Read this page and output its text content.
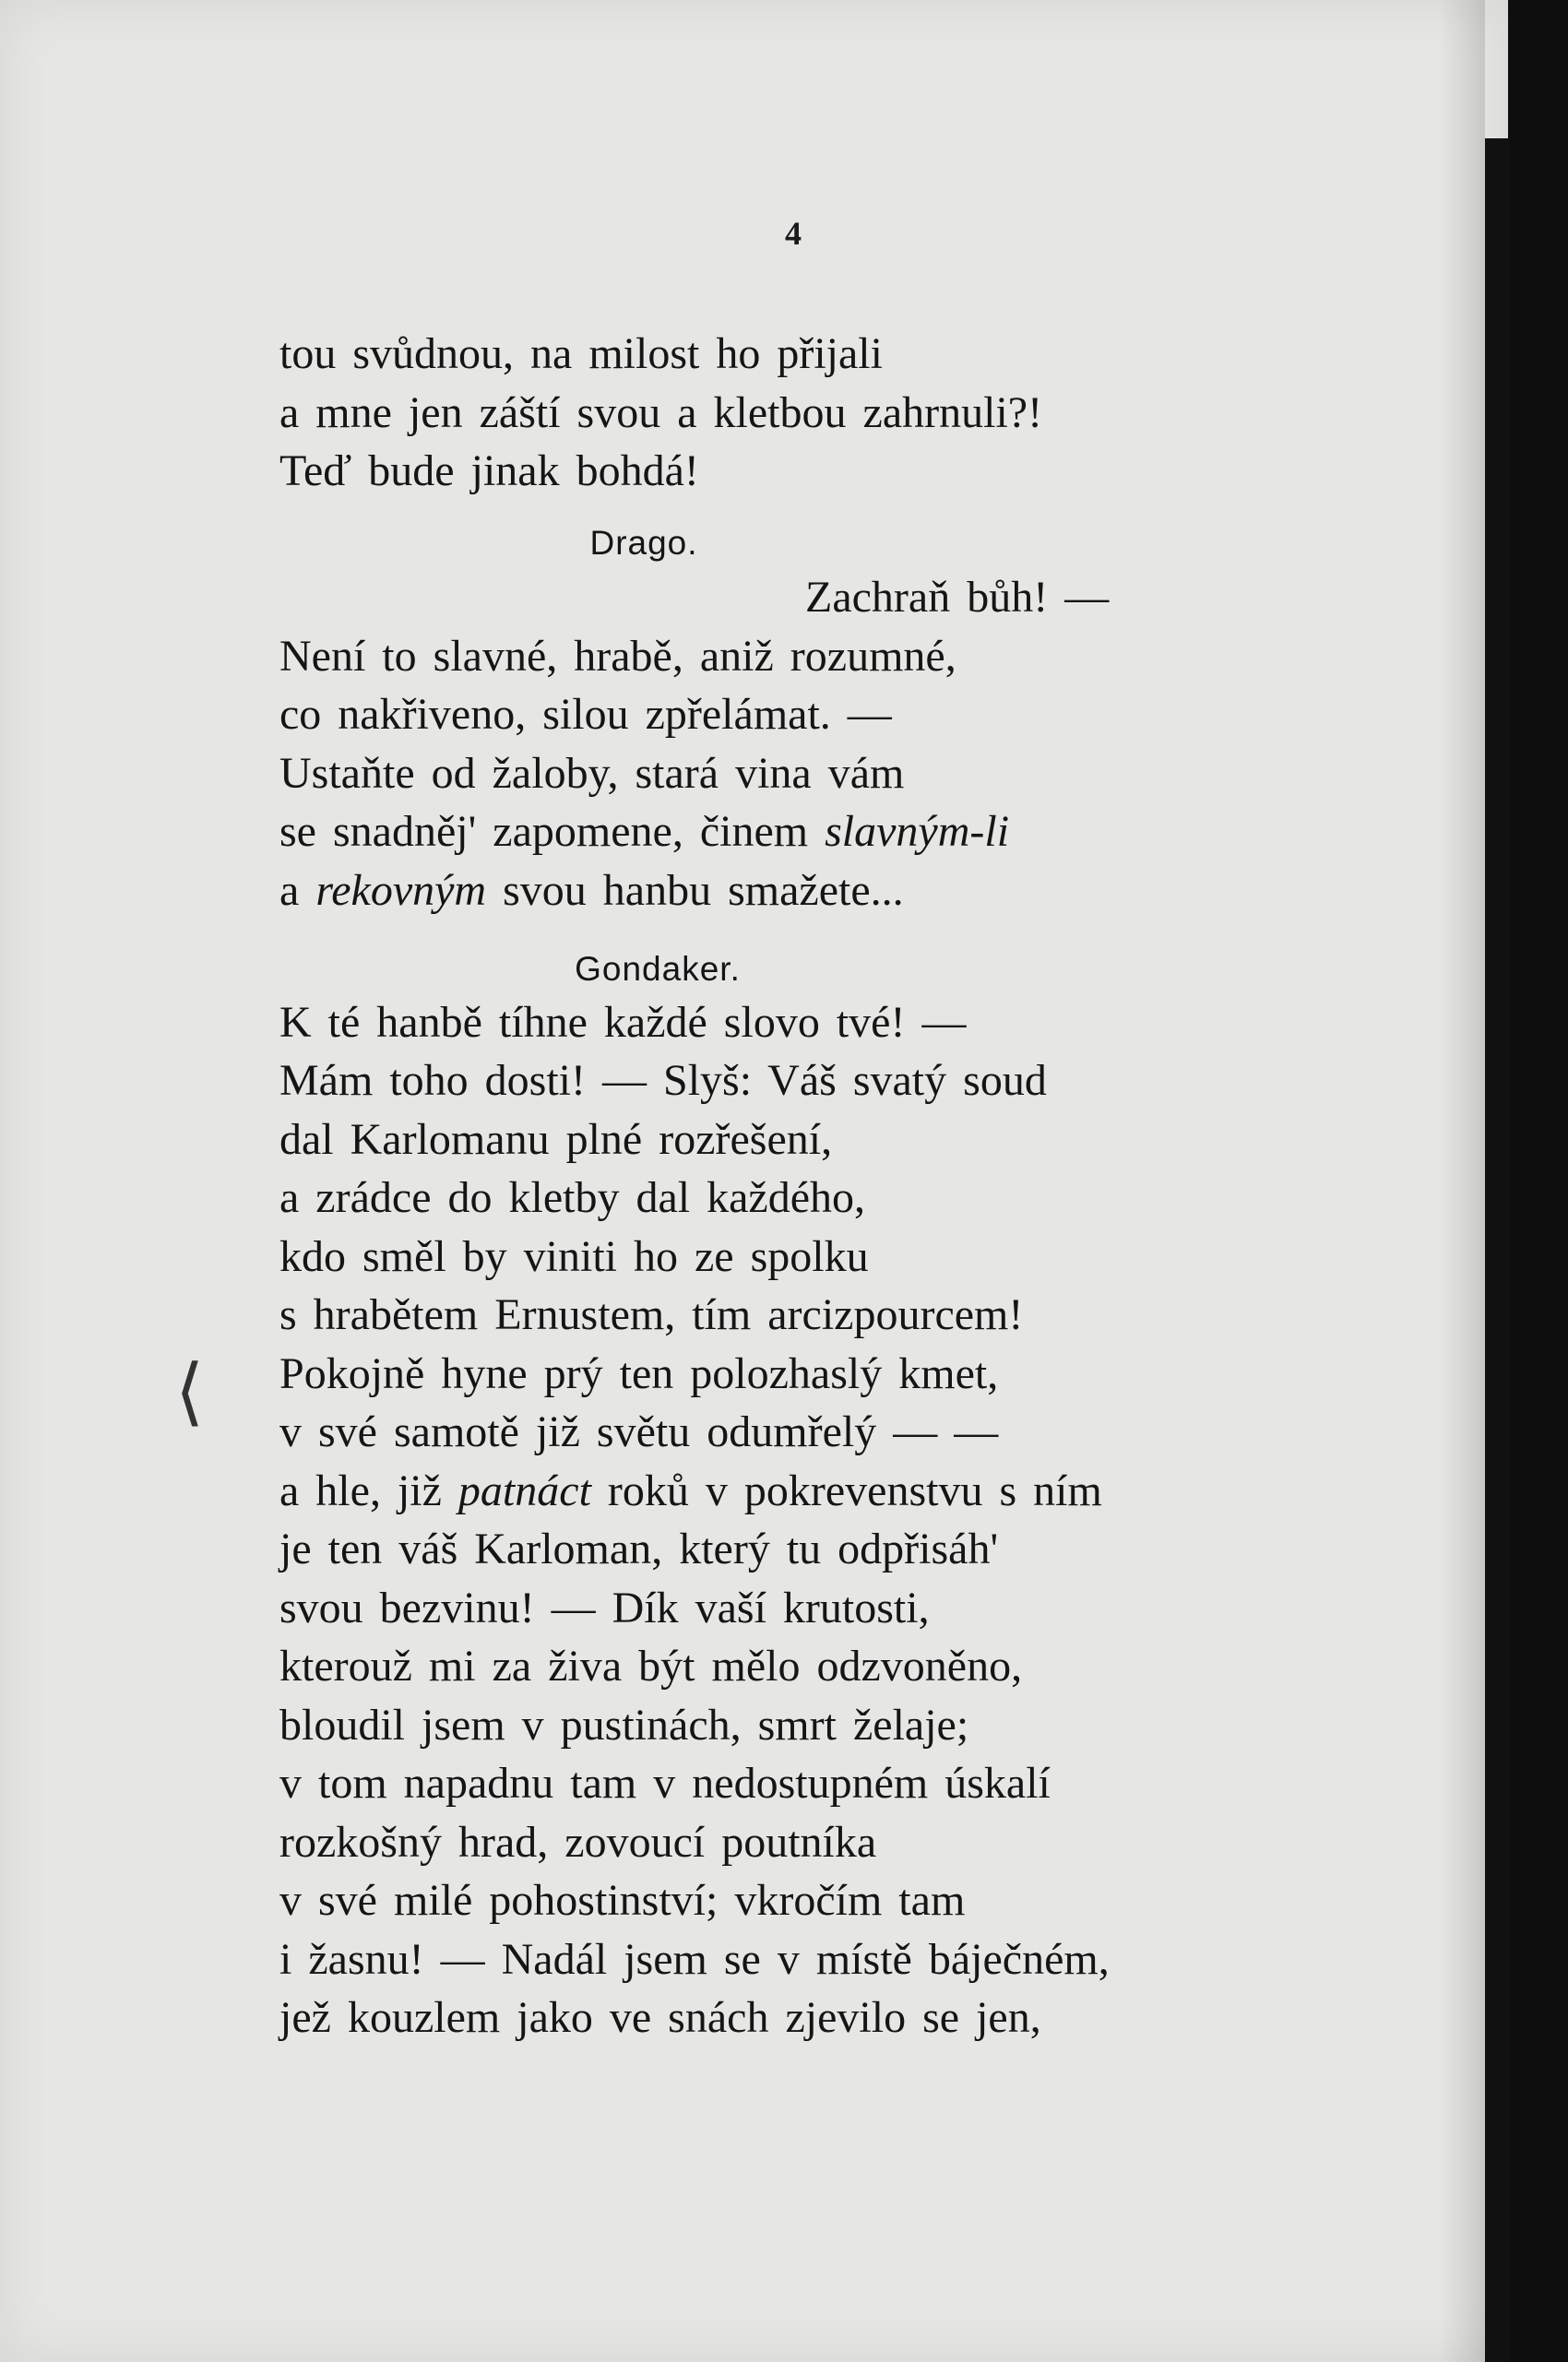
4
⟨
tou svůdnou, na milost ho přijali
a mne jen záští svou a kletbou zahrnuli?!
Teď bude jinak bohdá!
Drago.
Zachraň bůh! —
Není to slavné, hrabě, aniž rozumné,
co nakřiveno, silou zpřelámat. —
Ustaňte od žaloby, stará vina vám
se snadněj' zapomene, činem slavným-li
a rekovným svou hanbu smažete...
Gondaker.
K té hanbě tíhne každé slovo tvé! —
Mám toho dosti! — Slyš: Váš svatý soud
dal Karlomanu plné rozřešení,
a zrádce do kletby dal každého,
kdo směl by viniti ho ze spolku
s hrabětem Ernustem, tím arcizpourcem!
Pokojně hyne prý ten polozhaslý kmet,
v své samotě již světu odumřelý — —
a hle, již patnáct roků v pokrevenstvu s ním
je ten váš Karloman, který tu odpřisáh'
svou bezvinu! — Dík vaší krutosti,
kterouž mi za živa být mělo odzvoněno,
bloudil jsem v pustinách, smrt želaje;
v tom napadnu tam v nedostupném úskalí
rozkošný hrad, zovoucí poutníka
v své milé pohostinství; vkročím tam
i žasnu! — Nadál jsem se v místě báječném,
jež kouzlem jako ve snách zjevilo se jen,
